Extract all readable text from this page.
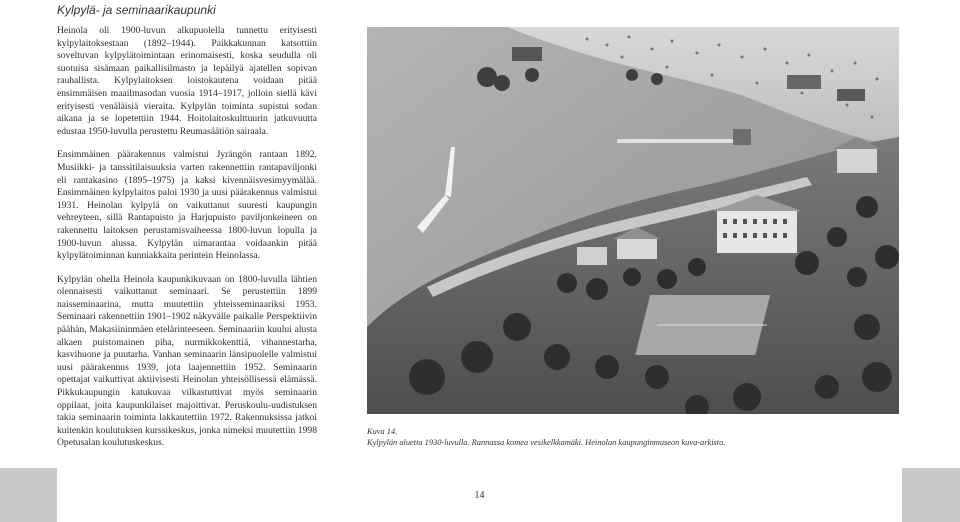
Kylpylä- ja seminaarikaupunki

Heinola oli 1900-luvun alkupuolella tunnettu erityisesti kylpylaitoksestaan (1892–1944). Paikkakunnan katsottiin soveltuvan kylpylätoimintaan erinomaisesti, koska seudulla oli suotuisa sisämaan paikallisilmasto ja lepäilyä ajatellen sopivan rauhallista. Kylpylaitoksen loistokautena voidaan pitää ensimmäisen maailmasodan vuosia 1914–1917, jolloin siellä kävi erityisesti venäläisiä vieraita. Kylpylän toiminta supistui sodan aikana ja se lopetettiin 1944. Hoitolaitoskulttuurin jatkuvuutta edustaa 1950-luvulla perustettu Reumasäätiön sairaala.

Ensimmäinen päärakennus valmistui Jyrängön rantaan 1892. Musiikki- ja tanssitilaisuuksia varten rakennettiin rantapaviljonki eli rantakasino (1895–1975) ja kaksi kivennäisvesimyymälää. Ensimmäinen kylpylaitos paloi 1930 ja uusi päärakennus valmistui 1931. Heinolan kylpylä on vaikuttanut suuresti kaupungin vehreyteen, sillä Rantapuisto ja Harjupuisto paviljonkeineen on rakennettu laitoksen perustamisvaiheessa 1800-luvun lopulla ja 1900-luvun alussa. Kylpylän uimarantaa voidaankin pitää kylpylätoiminnan kunniakkaita perintein Heinolassa.

Kylpylän ohella Heinola kaupunkikuvaan on 1800-luvulla lähtien olennaisesti vaikuttanut seminaari. Se perustettiin 1899 naisseminaarina, mutta muutettiin yhteisseminaariksi 1953. Seminaari rakennettiin 1901–1902 näkyvälle paikalle Perspektiivin päähän, Makasiininmäen etelärinteeseen. Seminaariin kuului alusta alkaen puistomainen piha, nurmikkokenttiä, vihannestarha, kasvihuone ja puutarha. Vanhan seminaarin länsipuolelle valmistui uusi päärakennus 1939, jota laajennettiin 1952. Seminaarin opettajat vaikuttivat aktiivisesti Heinolan yhteisöllisessä elämässä. Pikkukaupungin katukuvaa vilkastuttivat myös seminaarin oppilaat, joita kaupunkilaiset majoittivat. Peruskoulu-uudistuksen takia seminaarin toiminta lakkautettiin 1972. Rakennuksissa jatkoi kuitenkin koulutuksen kurssikeskus, jonka nimeksi muutettiin 1998 Opetusalan koulutuskeskus.

Kuva 14.
Kylpylän aluetta 1930-luvulla. Rannassa komea vesikelkkamäki. Heinolan kaupunginmuseon kuva-arkisto.
14
